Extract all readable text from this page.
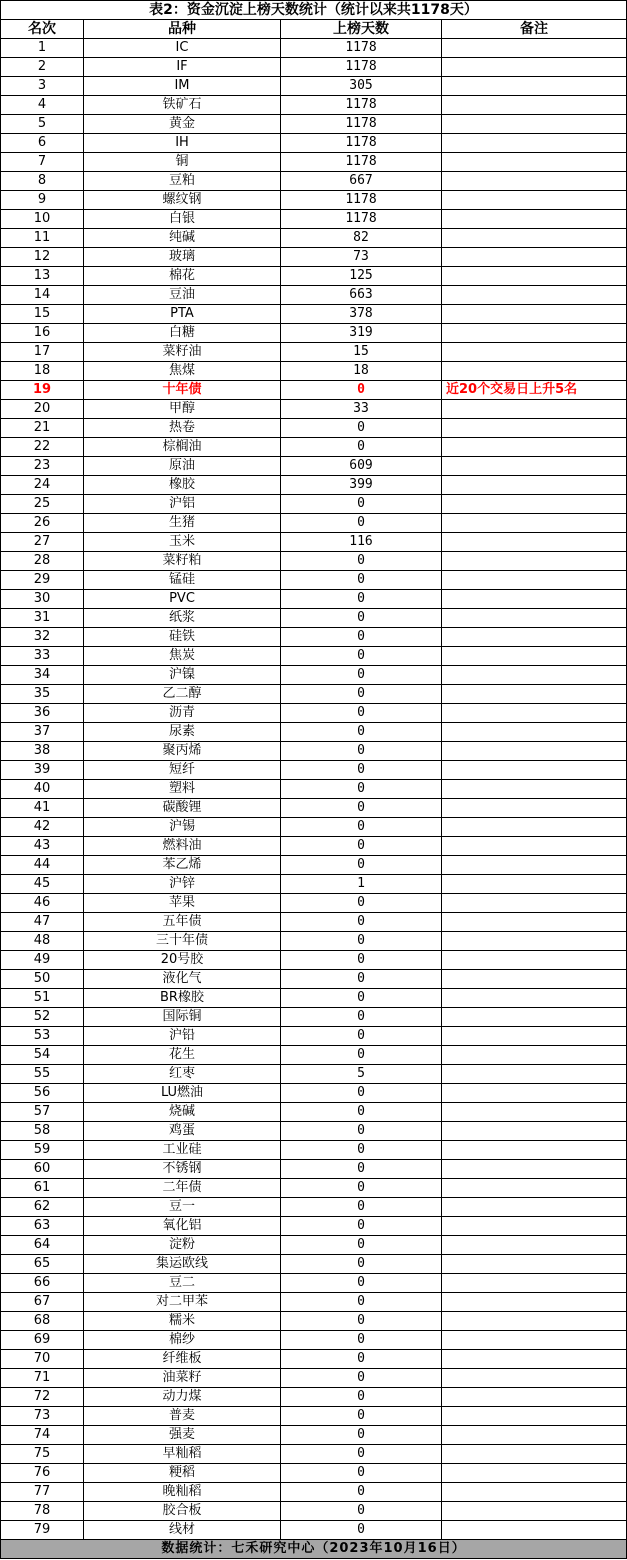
表2：资金沉淀上榜天数统计（统计以来共1178天）			
名次	品种	上榜天数	备注
1	IC	1178	
2	IF	1178	
3	IM	305	
4	铁矿石	1178	
5	黄金	1178	
6	IH	1178	
7	铜	1178	
8	豆粕	667	
9	螺纹钢	1178	
10	白银	1178	
11	纯碱	82	
12	玻璃	73	
13	棉花	125	
14	豆油	663	
15	PTA	378	
16	白糖	319	
17	菜籽油	15	
18	焦煤	18	
19	十年债	0	近20个交易日上升5名
20	甲醇	33	
21	热卷	0	
22	棕榈油	0	
23	原油	609	
24	橡胶	399	
25	沪铝	0	
26	生猪	0	
27	玉米	116	
28	菜籽粕	0	
29	锰硅	0	
30	PVC	0	
31	纸浆	0	
32	硅铁	0	
33	焦炭	0	
34	沪镍	0	
35	乙二醇	0	
36	沥青	0	
37	尿素	0	
38	聚丙烯	0	
39	短纤	0	
40	塑料	0	
41	碳酸锂	0	
42	沪锡	0	
43	燃料油	0	
44	苯乙烯	0	
45	沪锌	1	
46	苹果	0	
47	五年债	0	
48	三十年债	0	
49	20号胶	0	
50	液化气	0	
51	BR橡胶	0	
52	国际铜	0	
53	沪铅	0	
54	花生	0	
55	红枣	5	
56	LU燃油	0	
57	烧碱	0	
58	鸡蛋	0	
59	工业硅	0	
60	不锈钢	0	
61	二年债	0	
62	豆一	0	
63	氧化铝	0	
64	淀粉	0	
65	集运欧线	0	
66	豆二	0	
67	对二甲苯	0	
68	糯米	0	
69	棉纱	0	
70	纤维板	0	
71	油菜籽	0	
72	动力煤	0	
73	普麦	0	
74	强麦	0	
75	早籼稻	0	
76	粳稻	0	
77	晚籼稻	0	
78	胶合板	0	
79	线材	0	
数据统计：七禾研究中心（2023年10月16日）			
